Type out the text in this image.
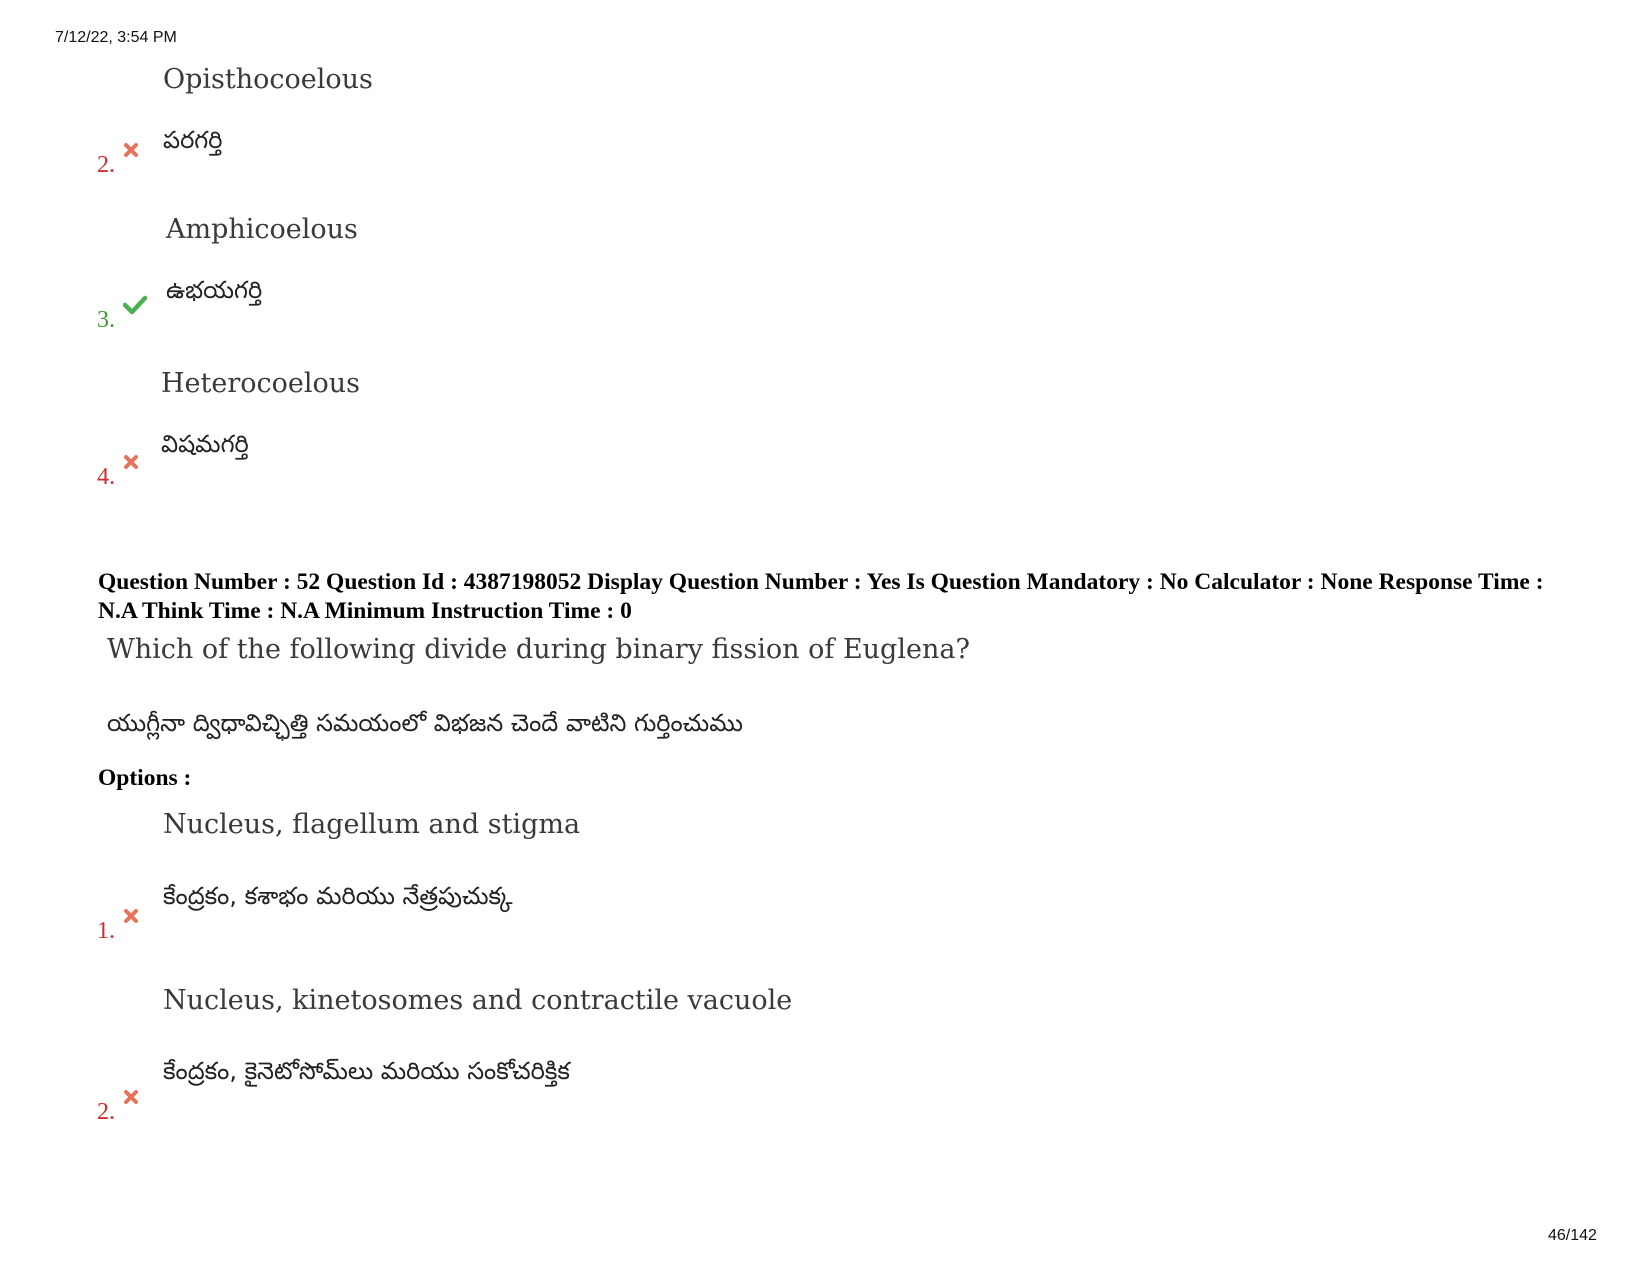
7/12/22, 3:54 PM
Opisthocoelous
పరగర్తి
2.
Amphicoelous
ఉభయగర్తి
3.
Heterocoelous
విషమగర్తి
4.
Question Number : 52 Question Id : 4387198052 Display Question Number : Yes Is Question Mandatory : No Calculator : None Response Time : N.A Think Time : N.A Minimum Instruction Time : 0
Which of the following divide during binary fission of Euglena?
యుగ్లీనా ద్విధావిచ్ఛిత్తి సమయంలో విభజన చెందే వాటిని గుర్తించుము
Options :
Nucleus, flagellum and stigma
కేంద్రకం, కశాభం మరియు నేత్రపుచుక్క
1.
Nucleus, kinetosomes and contractile vacuole
కేంద్రకం, కైనెటోసోమ్‌లు మరియు సంకోచరిక్తిక
2.
46/142
